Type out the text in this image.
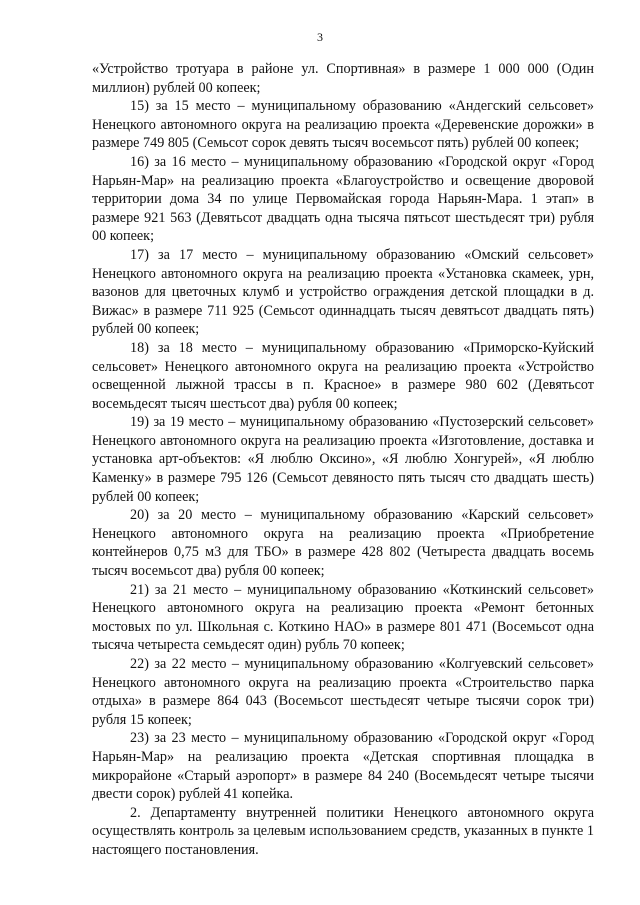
3

«Устройство тротуара в районе ул. Спортивная» в размере 1 000 000 (Один миллион) рублей 00 копеек;

15) за 15 место – муниципальному образованию «Андегский сельсовет» Ненецкого автономного округа на реализацию проекта «Деревенские дорожки» в размере 749 805 (Семьсот сорок девять тысяч восемьсот пять) рублей 00 копеек;

16) за 16 место – муниципальному образованию «Городской округ «Город Нарьян-Мар» на реализацию проекта «Благоустройство и освещение дворовой территории дома 34 по улице Первомайская города Нарьян-Мара. 1 этап» в размере 921 563 (Девятьсот двадцать одна тысяча пятьсот шестьдесят три) рубля 00 копеек;

17) за 17 место – муниципальному образованию «Омский сельсовет» Ненецкого автономного округа на реализацию проекта «Установка скамеек, урн, вазонов для цветочных клумб и устройство ограждения детской площадки в д. Вижас» в размере 711 925 (Семьсот одиннадцать тысяч девятьсот двадцать пять) рублей 00 копеек;

18) за 18 место – муниципальному образованию «Приморско-Куйский сельсовет» Ненецкого автономного округа на реализацию проекта «Устройство освещенной лыжной трассы в п. Красное» в размере 980 602 (Девятьсот восемьдесят тысяч шестьсот два) рубля 00 копеек;

19) за 19 место – муниципальному образованию «Пустозерский сельсовет» Ненецкого автономного округа на реализацию проекта «Изготовление, доставка и установка арт-объектов: «Я люблю Оксино», «Я люблю Хонгурей», «Я люблю Каменку» в размере 795 126 (Семьсот девяносто пять тысяч сто двадцать шесть) рублей 00 копеек;

20) за 20 место – муниципальному образованию «Карский сельсовет» Ненецкого автономного округа на реализацию проекта «Приобретение контейнеров 0,75 м3 для ТБО» в размере 428 802 (Четыреста двадцать восемь тысяч восемьсот два) рубля 00 копеек;

21) за 21 место – муниципальному образованию «Коткинский сельсовет» Ненецкого автономного округа на реализацию проекта «Ремонт бетонных мостовых по ул. Школьная с. Коткино НАО» в размере 801 471 (Восемьсот одна тысяча четыреста семьдесят один) рубль 70 копеек;

22) за 22 место – муниципальному образованию «Колгуевский сельсовет» Ненецкого автономного округа на реализацию проекта «Строительство парка отдыха» в размере 864 043 (Восемьсот шестьдесят четыре тысячи сорок три) рубля 15 копеек;

23) за 23 место – муниципальному образованию «Городской округ «Город Нарьян-Мар» на реализацию проекта «Детская спортивная площадка в микрорайоне «Старый аэропорт» в размере 84 240 (Восемьдесят четыре тысячи двести сорок) рублей 41 копейка.

2. Департаменту внутренней политики Ненецкого автономного округа осуществлять контроль за целевым использованием средств, указанных в пункте 1 настоящего постановления.
